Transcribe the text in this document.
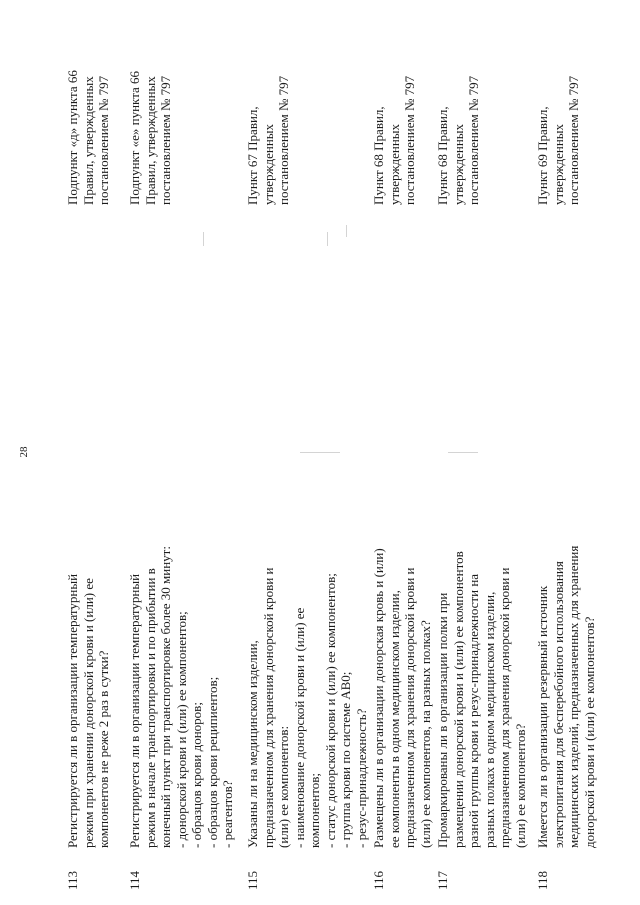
28
113
Регистрируется ли в организации температурный режим при хранении донорской крови и (или) ее компонентов не реже 2 раз в сутки?
Подпункт «д» пункта 66 Правил, утвержденных постановлением № 797
114
Регистрируется ли в организации температурный режим в начале транспортировки и по прибытии в конечный пункт при транспортировке более 30 минут: - донорской крови и (или) ее компонентов; - образцов крови доноров; - образцов крови реципиентов; - реагентов?
Подпункт «е» пункта 66 Правил, утвержденных постановлением № 797
115
Указаны ли на медицинском изделии, предназначенном для хранения донорской крови и (или) ее компонентов: - наименование донорской крови и (или) ее компонентов; - статус донорской крови и (или) ее компонентов; - группа крови по системе AB0; - резус-принадлежность?
Пункт 67 Правил, утвержденных постановлением № 797
116
Размещены ли в организации донорская кровь и (или) ее компоненты в одном медицинском изделии, предназначенном для хранения донорской крови и (или) ее компонентов, на разных полках?
Пункт 68 Правил, утвержденных постановлением № 797
117
Промаркированы ли в организации полки при размещении донорской крови и (или) ее компонентов разной группы крови и резус-принадлежности на разных полках в одном медицинском изделии, предназначенном для хранения донорской крови и (или) ее компонентов?
Пункт 68 Правил, утвержденных постановлением № 797
118
Имеется ли в организации резервный источник электропитания для бесперебойного использования медицинских изделий, предназначенных для хранения донорской крови и (или) ее компонентов?
Пункт 69 Правил, утвержденных постановлением № 797
